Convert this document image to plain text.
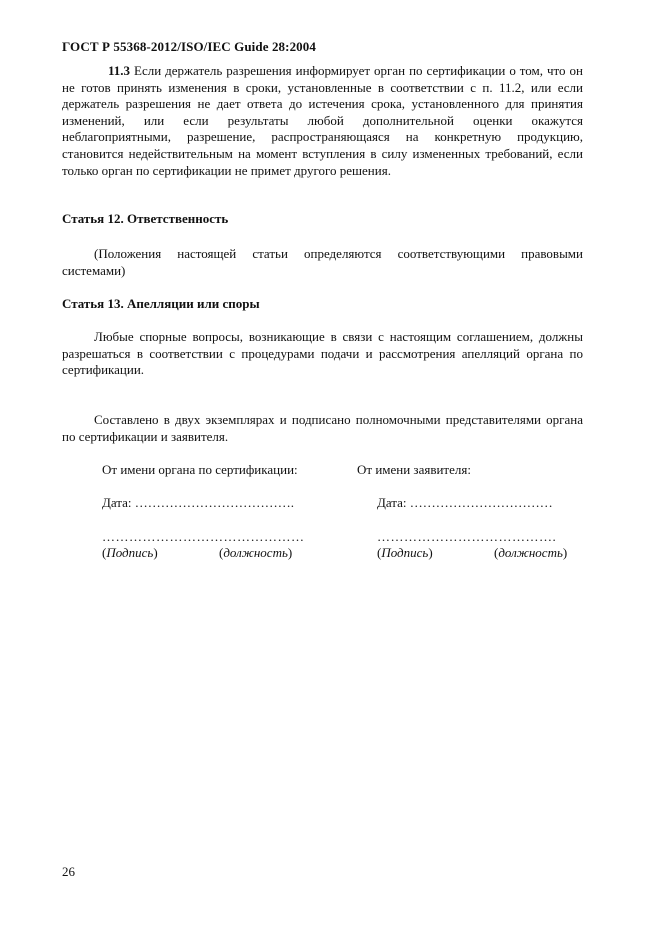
ГОСТ Р 55368-2012/ISO/IEC Guide 28:2004
11.3 Если держатель разрешения информирует орган по сертификации о том, что он не готов принять изменения в сроки, установленные в соответствии с п. 11.2, или если держатель разрешения не дает ответа до истечения срока, установленного для принятия изменений, или если результаты любой дополнительной оценки окажутся неблагоприятными, разрешение, распространяющаяся на конкретную продукцию, становится недействительным на момент вступления в силу измененных требований, если только орган по сертификации не примет другого решения.
Статья 12. Ответственность
(Положения настоящей статьи определяются соответствующими правовыми системами)
Статья 13. Апелляции или споры
Любые спорные вопросы, возникающие в связи с настоящим соглашением, должны разрешаться в соответствии с процедурами подачи и рассмотрения апелляций органа по сертификации.
Составлено в двух экземплярах и подписано полномочными представителями органа по сертификации и заявителя.
От имени органа по сертификации:
Дата: ……………………………….
………………………………………
(Подпись)	(должность)
От имени заявителя:
Дата: ……………………………
………………………………….
(Подпись)	(должность)
26
